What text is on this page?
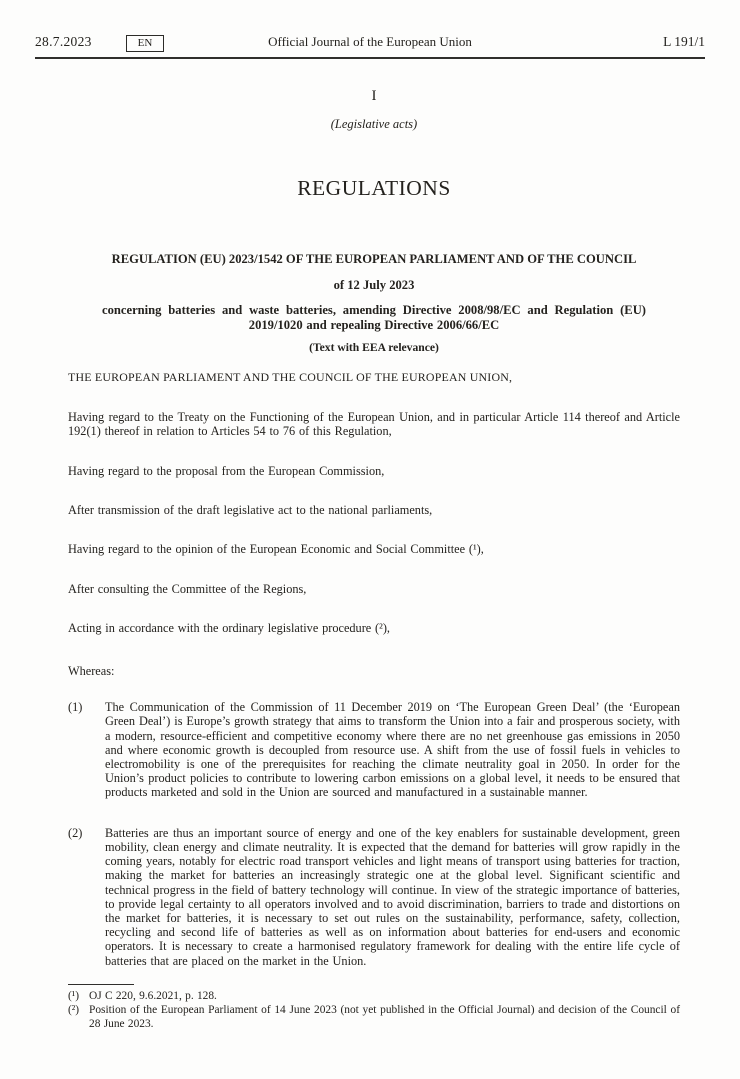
28.7.2023	EN	Official Journal of the European Union	L 191/1
I
(Legislative acts)
REGULATIONS
REGULATION (EU) 2023/1542 OF THE EUROPEAN PARLIAMENT AND OF THE COUNCIL
of 12 July 2023
concerning batteries and waste batteries, amending Directive 2008/98/EC and Regulation (EU) 2019/1020 and repealing Directive 2006/66/EC
(Text with EEA relevance)

THE EUROPEAN PARLIAMENT AND THE COUNCIL OF THE EUROPEAN UNION,

Having regard to the Treaty on the Functioning of the European Union, and in particular Article 114 thereof and Article 192(1) thereof in relation to Articles 54 to 76 of this Regulation,

Having regard to the proposal from the European Commission,

After transmission of the draft legislative act to the national parliaments,

Having regard to the opinion of the European Economic and Social Committee (¹),

After consulting the Committee of the Regions,

Acting in accordance with the ordinary legislative procedure (²),

Whereas:

(1) The Communication of the Commission of 11 December 2019 on ‘The European Green Deal’ (the ‘European Green Deal’) is Europe’s growth strategy that aims to transform the Union into a fair and prosperous society, with a modern, resource-efficient and competitive economy where there are no net greenhouse gas emissions in 2050 and where economic growth is decoupled from resource use. A shift from the use of fossil fuels in vehicles to electromobility is one of the prerequisites for reaching the climate neutrality goal in 2050. In order for the Union’s product policies to contribute to lowering carbon emissions on a global level, it needs to be ensured that products marketed and sold in the Union are sourced and manufactured in a sustainable manner.
(2) Batteries are thus an important source of energy and one of the key enablers for sustainable development, green mobility, clean energy and climate neutrality. It is expected that the demand for batteries will grow rapidly in the coming years, notably for electric road transport vehicles and light means of transport using batteries for traction, making the market for batteries an increasingly strategic one at the global level. Significant scientific and technical progress in the field of battery technology will continue. In view of the strategic importance of batteries, to provide legal certainty to all operators involved and to avoid discrimination, barriers to trade and distortions on the market for batteries, it is necessary to set out rules on the sustainability, performance, safety, collection, recycling and second life of batteries as well as on information about batteries for end-users and economic operators. It is necessary to create a harmonised regulatory framework for dealing with the entire life cycle of batteries that are placed on the market in the Union.
(¹) OJ C 220, 9.6.2021, p. 128.
(²) Position of the European Parliament of 14 June 2023 (not yet published in the Official Journal) and decision of the Council of 28 June 2023.
